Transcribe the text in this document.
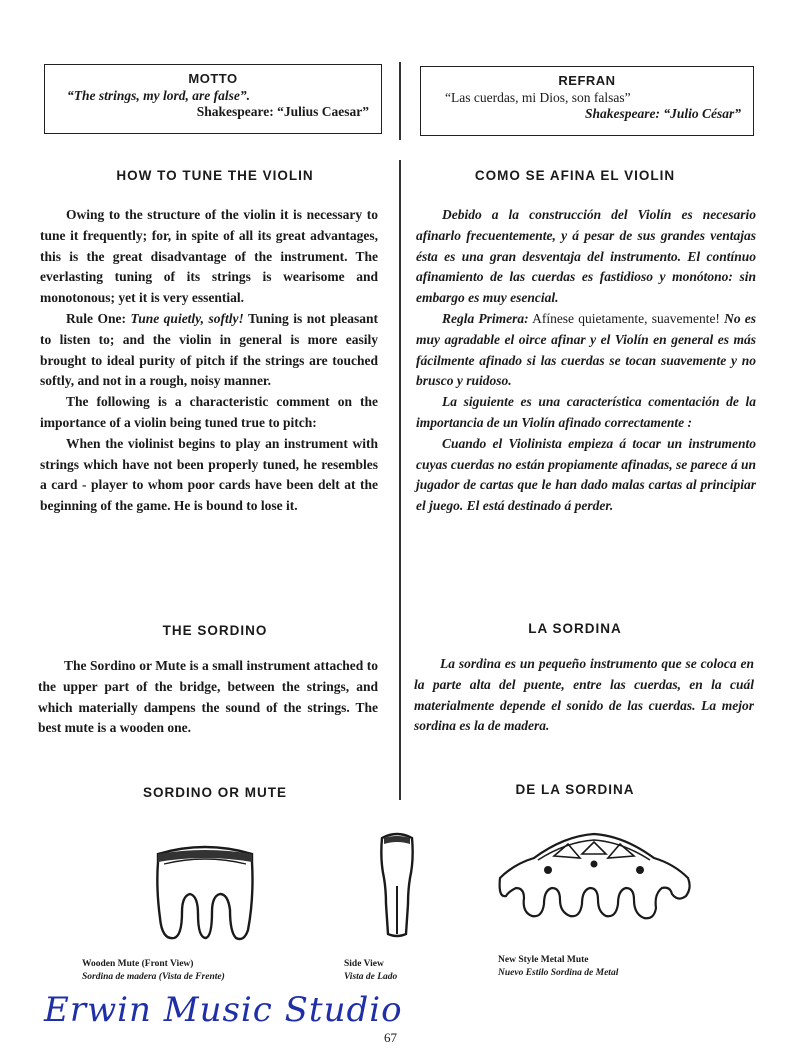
MOTTO
“The strings, my lord, are false”.
Shakespeare: “Julius Caesar”
REFRAN
“Las cuerdas, mi Dios, son falsas”
Shakespeare: “Julio César”
HOW TO TUNE THE VIOLIN	COMO SE AFINA EL VIOLIN

Owing to the structure of the violin it is necessary to tune it frequently; for, in spite of all its great advantages, this is the great disadvantage of the instrument. The everlasting tuning of its strings is wearisome and monotonous; yet it is very essential.

Rule One: Tune quietly, softly! Tuning is not pleasant to listen to; and the violin in general is more easily brought to ideal purity of pitch if the strings are touched softly, and not in a rough, noisy manner.

The following is a characteristic comment on the importance of a violin being tuned true to pitch:

When the violinist begins to play an instrument with strings which have not been properly tuned, he resembles a card - player to whom poor cards have been delt at the beginning of the game. He is bound to lose it.

Debido a la construcción del Violín es necesario afinarlo frecuentemente, y á pesar de sus grandes ventajas ésta es una gran desventaja del instrumento. El contínuo afinamiento de las cuerdas es fastidioso y monótono: sin embargo es muy esencial.

Regla Primera: Afínese quietamente, suavemente! No es muy agradable el oirce afinar y el Violín en general es más fácilmente afinado si las cuerdas se tocan suavemente y no brusco y ruidoso.

La siguiente es una característica comentación de la importancia de un Violín afinado correctamente :

Cuando el Violinista empieza á tocar un instrumento cuyas cuerdas no están propiamente afinadas, se parece á un jugador de cartas que le han dado malas cartas al principiar el juego. El está destinado á perder.

THE SORDINO	LA SORDINA

The Sordino or Mute is a small instrument attached to the upper part of the bridge, between the strings, and which materially dampens the sound of the strings. The best mute is a wooden one.

La sordina es un pequeño instrumento que se coloca en la parte alta del puente, entre las cuerdas, en la cuál materialmente depende el sonido de las cuerdas. La mejor sordina es la de madera.

SORDINO OR MUTE	DE LA SORDINA
Wooden Mute (Front View)
Sordina de madera (Vista de Frente)
Side View
Vista de Lado
New Style Metal Mute
Nuevo Estilo Sordina de Metal
Erwin Music Studio
67
